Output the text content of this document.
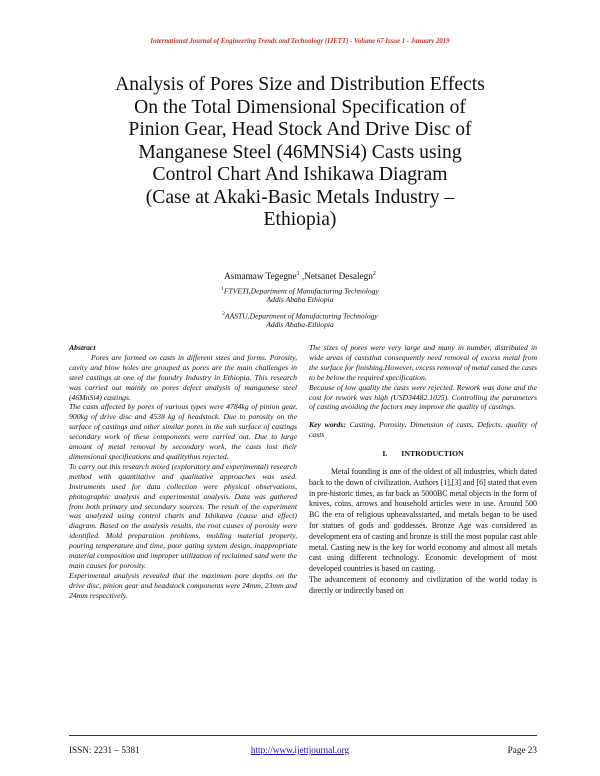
International Journal of Engineering Trends and Technology (IJETT) - Volume 67 Issue 1 - January 2019
Analysis of Pores Size and Distribution Effects
On the Total Dimensional Specification of
Pinion Gear, Head Stock And Drive Disc of
Manganese Steel (46MNSi4) Casts using
Control Chart And Ishikawa Diagram
(Case at Akaki-Basic Metals Industry –
Ethiopia)
Asmamaw Tegegne$^1$ ,Netsanet Desalegn$^2$
$^1$FTVETI,Department of Manufacturing Technology
Addis Ababa Ethiopia
$^2$AASTU,Department of Manufacturing Technology
Addis Ababa-Ethiopia

Abstract

Pores are formed on casts in different sizes and forms. Porosity, cavity and blow holes are grouped as pores are the main challenges in steel castings at one of the foundry Industry in Ethiopia. This research was carried out mainly on pores defect analysis of manganese steel (46MnSi4) castings.

The casts affected by pores of various types were 4784kg of pinion gear, 900kg of drive disc and 4538 kg of headstock. Due to porosity on the surface of castings and other similar pores in the sub surface of castings secondary work of these components were carried out. Due to large amount of metal removal by secondary work, the casts lost their dimensional specifications and qualitythus rejected.

To carry out this research mixed (exploratory and experimental) research method with quantitative and qualitative approaches was used. Instruments used for data collection were physical observations, photographic analysis and experimental analysis. Data was gathered from both primary and secondary sources. The result of the experiment was analyzed using control charts and Ishikawa (cause and effect) diagram. Based on the analysis results, the root causes of porosity were identified. Mold preparation problems, molding material property, pouring temperature and time, poor gating system design, inappropriate material composition and improper utilization of reclaimed sand were the main causes for porosity.

Experimental analysis revealed that the maximum pore depths on the drive disc, pinion gear and headstock components were 24mm, 23mm and 24mm respectively.

The sizes of pores were very large and many in number, distributed in wide areas of caststhat consequently need removal of excess metal from the surface for finishing.However, excess removal of metal cased the casts to be below the required specification.

Because of low quality the casts were rejected. Rework was done and the cost for rework was high (USD34482.1025). Controlling the parameters of casting avoiding the factors may improve the quality of castings.

Key words: Casting, Porosity, Dimension of casts, Defects, quality of casts

I. INTRODUCTION

Metal founding is one of the oldest of all industries, which dated back to the down of civilization. Authors [1],[3] and [6] stated that even in pre-historic times, as far back as 5000BC metal objects in the form of knives, coins, arrows and household articles were in use. Around 500 BC the era of religious upheavalsstarted, and metals began to be used for statues of gods and goddesses. Bronze Age was considered as development era of casting and bronze is still the most popular cast able metal. Casting new is the key for world economy and almost all metals cast using different technology. Economic development of most developed countries is based on casting.

The advancement of economy and civilization of the world today is directly or indirectly based on

ISSN: 2231 – 5381	http://www.ijettjournal.org	Page 23
